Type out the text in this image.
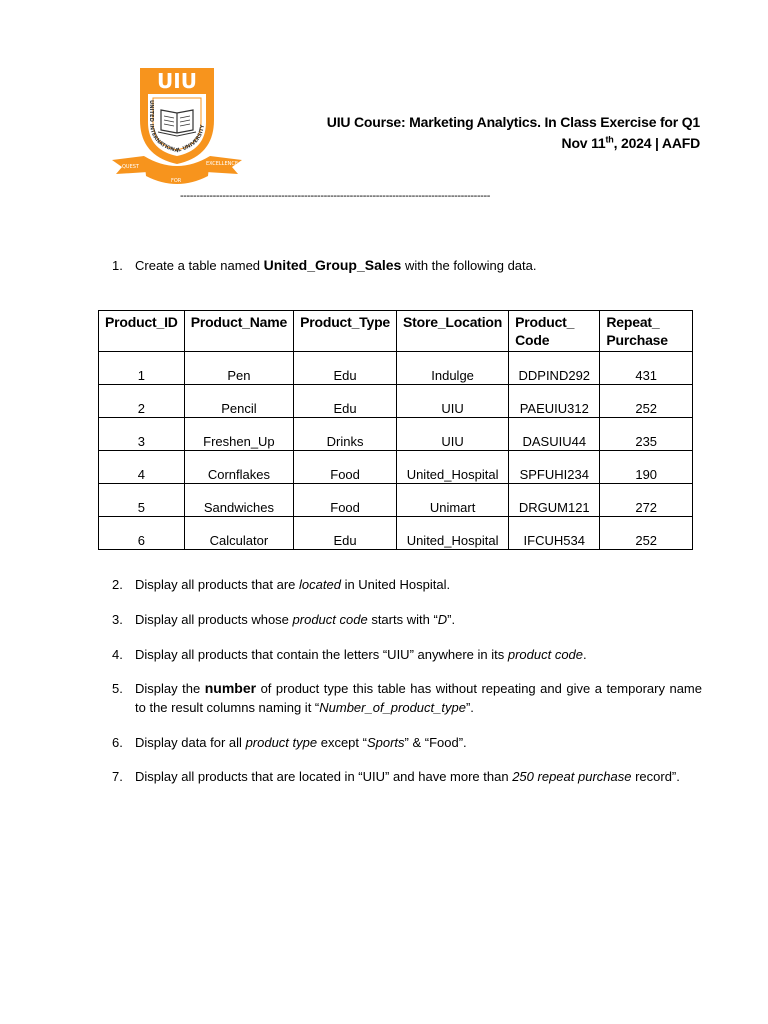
QUEST
FOR
EXCELLENCE
UIU
UNITED INTERNATIONAL UNIVERSITY	UIU Course: Marketing Analytics. In Class Exercise for Q1
Nov 11th, 2024 | AAFD
-----------------------------------------------------------------------------------------------
1. Create a table named United_Group_Sales with the following data.
Product_ID	Product_Name	Product_Type	Store_Location	Product_ Code	Repeat_ Purchase
1	Pen	Edu	Indulge	DDPIND292	431
2	Pencil	Edu	UIU	PAEUIU312	252
3	Freshen_Up	Drinks	UIU	DASUIU44	235
4	Cornflakes	Food	United_Hospital	SPFUHI234	190
5	Sandwiches	Food	Unimart	DRGUM121	272
6	Calculator	Edu	United_Hospital	IFCUH534	252
2. Display all products that are located in United Hospital.
3. Display all products whose product code starts with “D”.
4. Display all products that contain the letters “UIU” anywhere in its product code.
5. Display the number of product type this table has without repeating and give a temporary name to the result columns naming it “Number_of_product_type”.
6. Display data for all product type except “Sports” & “Food”.
7. Display all products that are located in “UIU” and have more than 250 repeat purchase record”.
